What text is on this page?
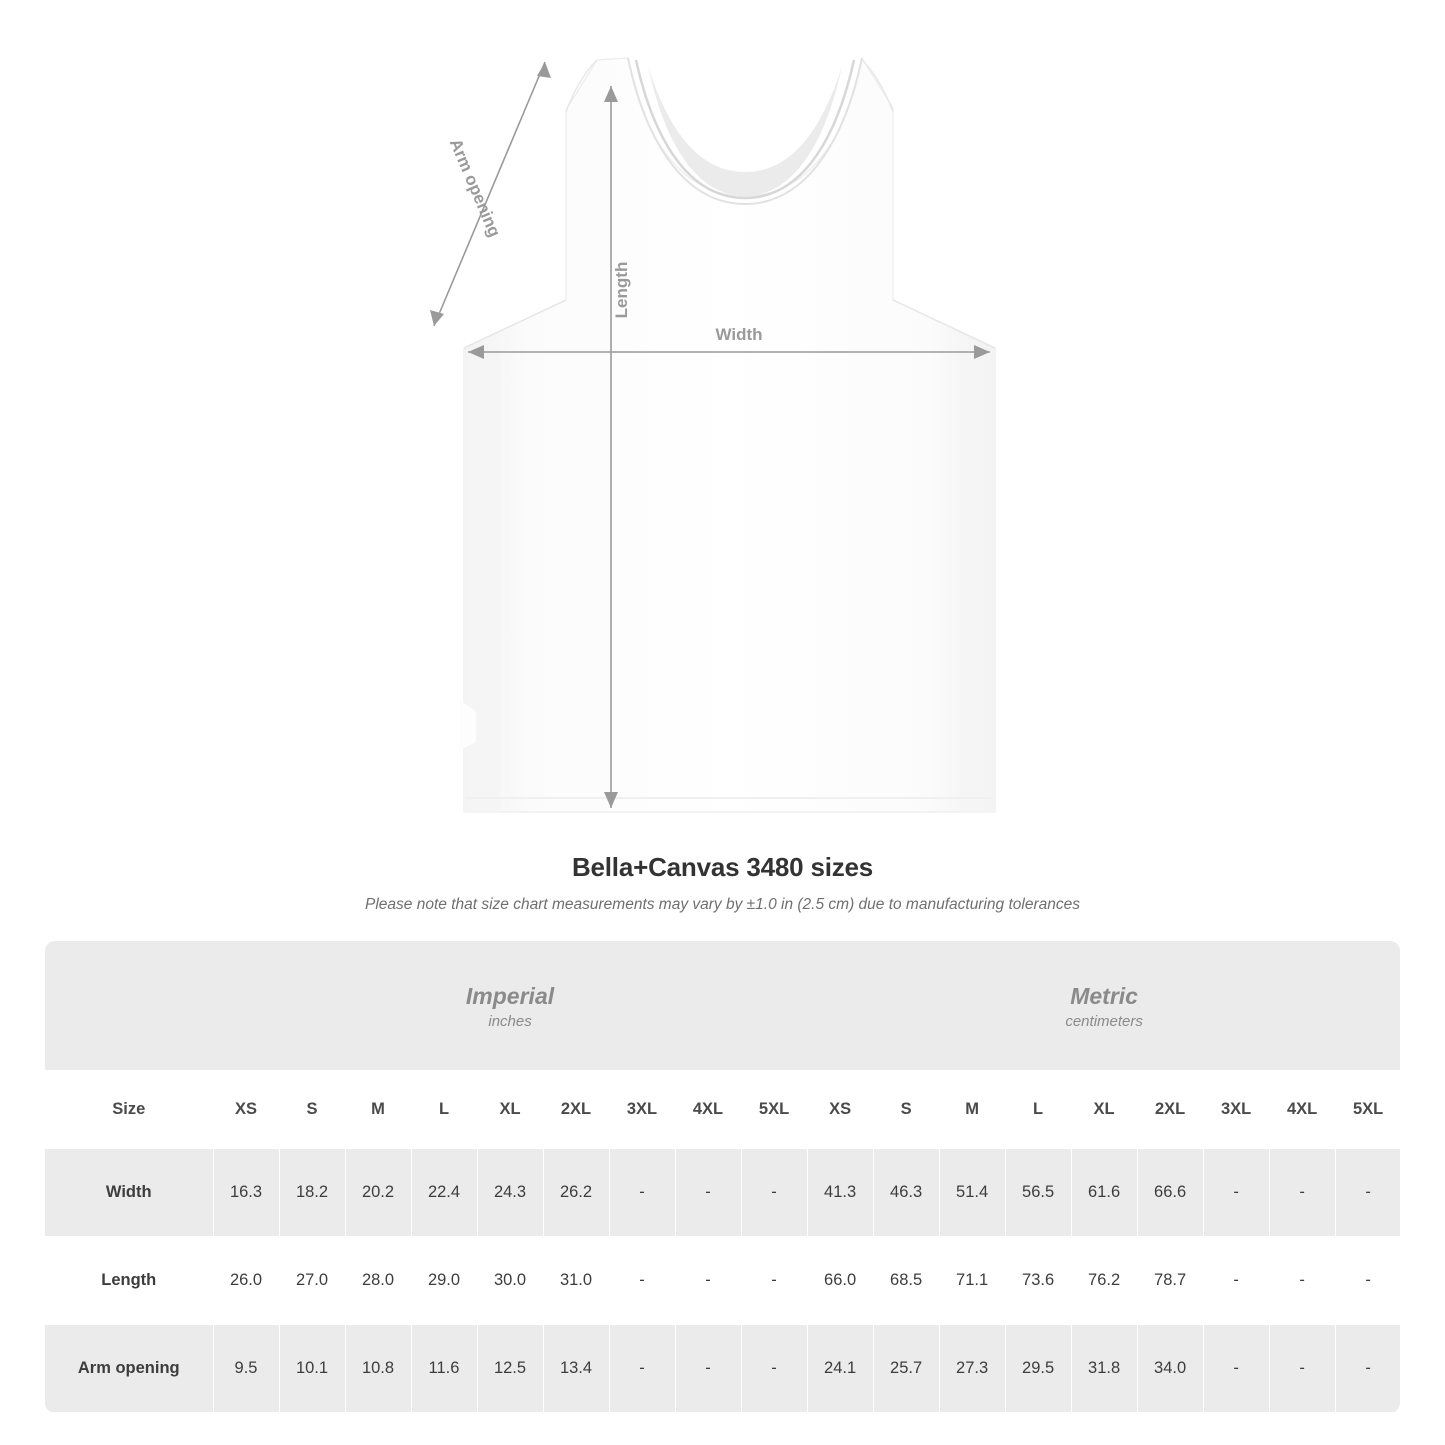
Arm opening
Length
Width
Bella+Canvas 3480 sizes
Please note that size chart measurements may vary by ±1.0 in (2.5 cm) due to manufacturing tolerances

Imperial
inches

Metric
centimeters

Size	XS	S	M	L	XL	2XL	3XL	4XL	5XL	XS	S	M	L	XL	2XL	3XL	4XL	5XL
Width	16.3	18.2	20.2	22.4	24.3	26.2	-	-	-	41.3	46.3	51.4	56.5	61.6	66.6	-	-	-
Length	26.0	27.0	28.0	29.0	30.0	31.0	-	-	-	66.0	68.5	71.1	73.6	76.2	78.7	-	-	-
Arm opening	9.5	10.1	10.8	11.6	12.5	13.4	-	-	-	24.1	25.7	27.3	29.5	31.8	34.0	-	-	-
